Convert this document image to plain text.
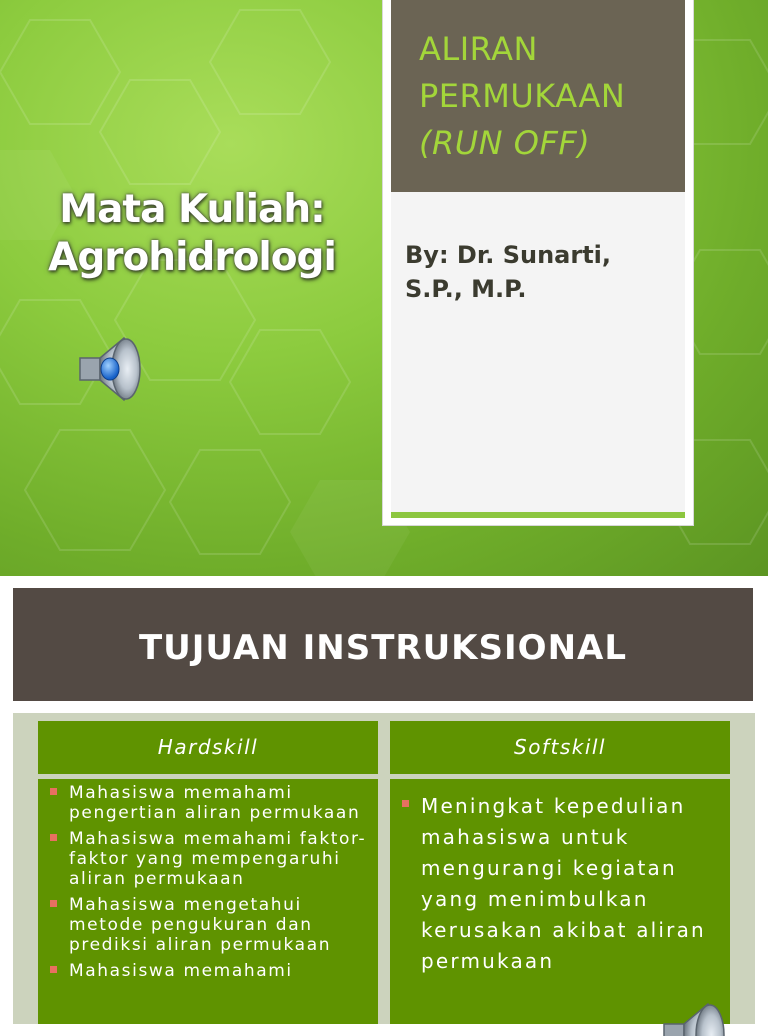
Mata Kuliah:
Agrohidrologi
ALIRAN
PERMUKAAN
(RUN OFF)
By: Dr. Sunarti,
S.P., M.P.
TUJUAN INSTRUKSIONAL
Hardskill
Mahasiswa memahami pengertian aliran permukaan
Mahasiswa memahami faktor-faktor yang mempengaruhi aliran permukaan
Mahasiswa mengetahui metode pengukuran dan prediksi aliran permukaan
Mahasiswa memahami
Softskill
Meningkat kepedulian mahasiswa untuk mengurangi kegiatan yang menimbulkan kerusakan akibat aliran permukaan
